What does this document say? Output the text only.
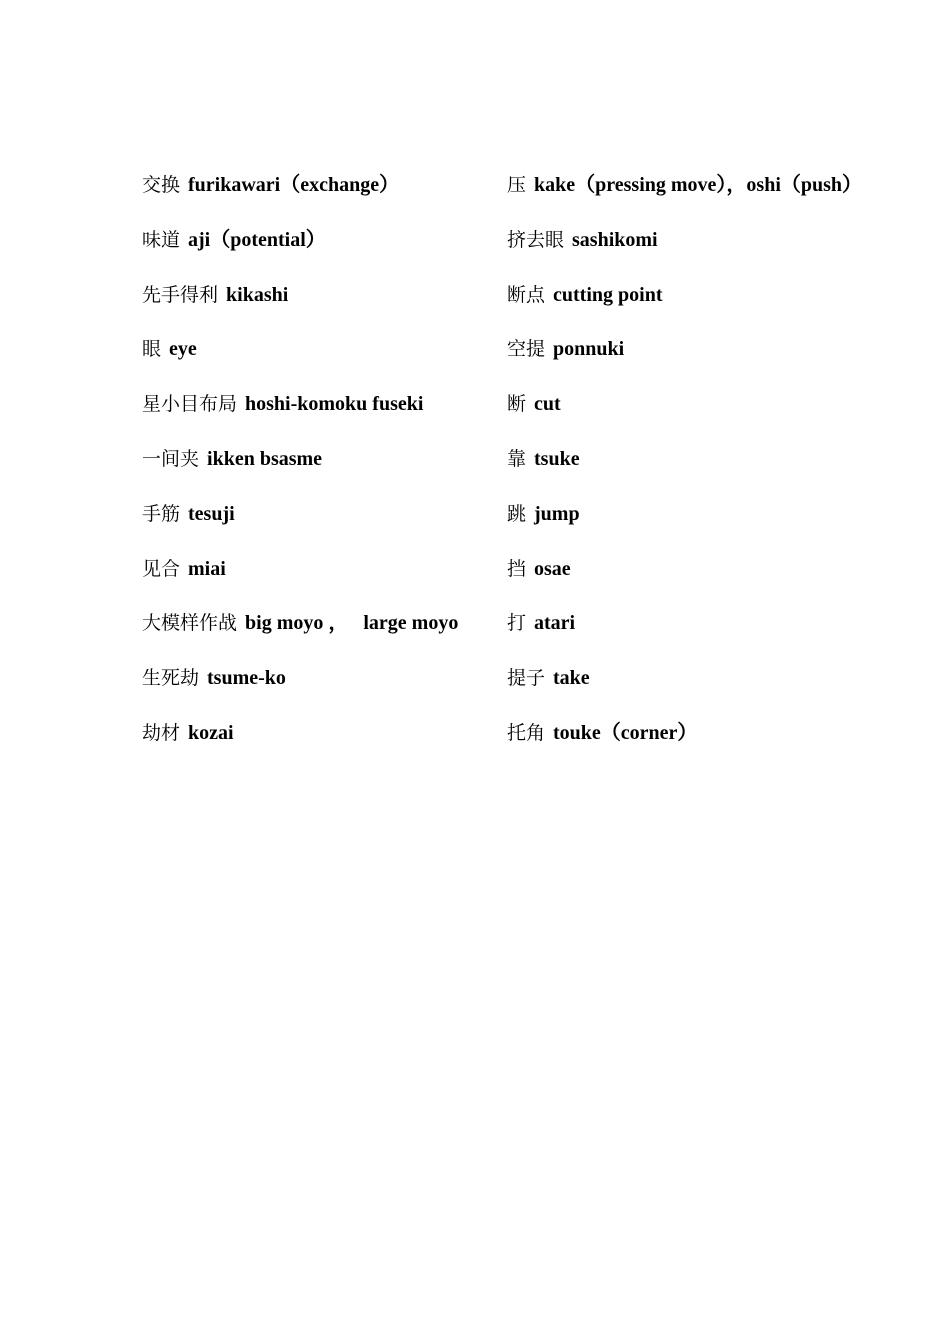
交换 furikawari（exchange）	压 kake（pressing move），oshi（push）
味道 aji（potential）	挤去眼 sashikomi
先手得利 kikashi	断点 cutting point
眼 eye	空提 ponnuki
星小目布局 hoshi-komoku fuseki	断 cut
一间夹 ikken bsasme	靠 tsuke
手筋 tesuji	跳 jump
见合 miai	挡 osae
大模样作战 big moyo ，   large moyo	打 atari
生死劫 tsume-ko	提子 take
劫材 kozai	托角 touke（corner）
